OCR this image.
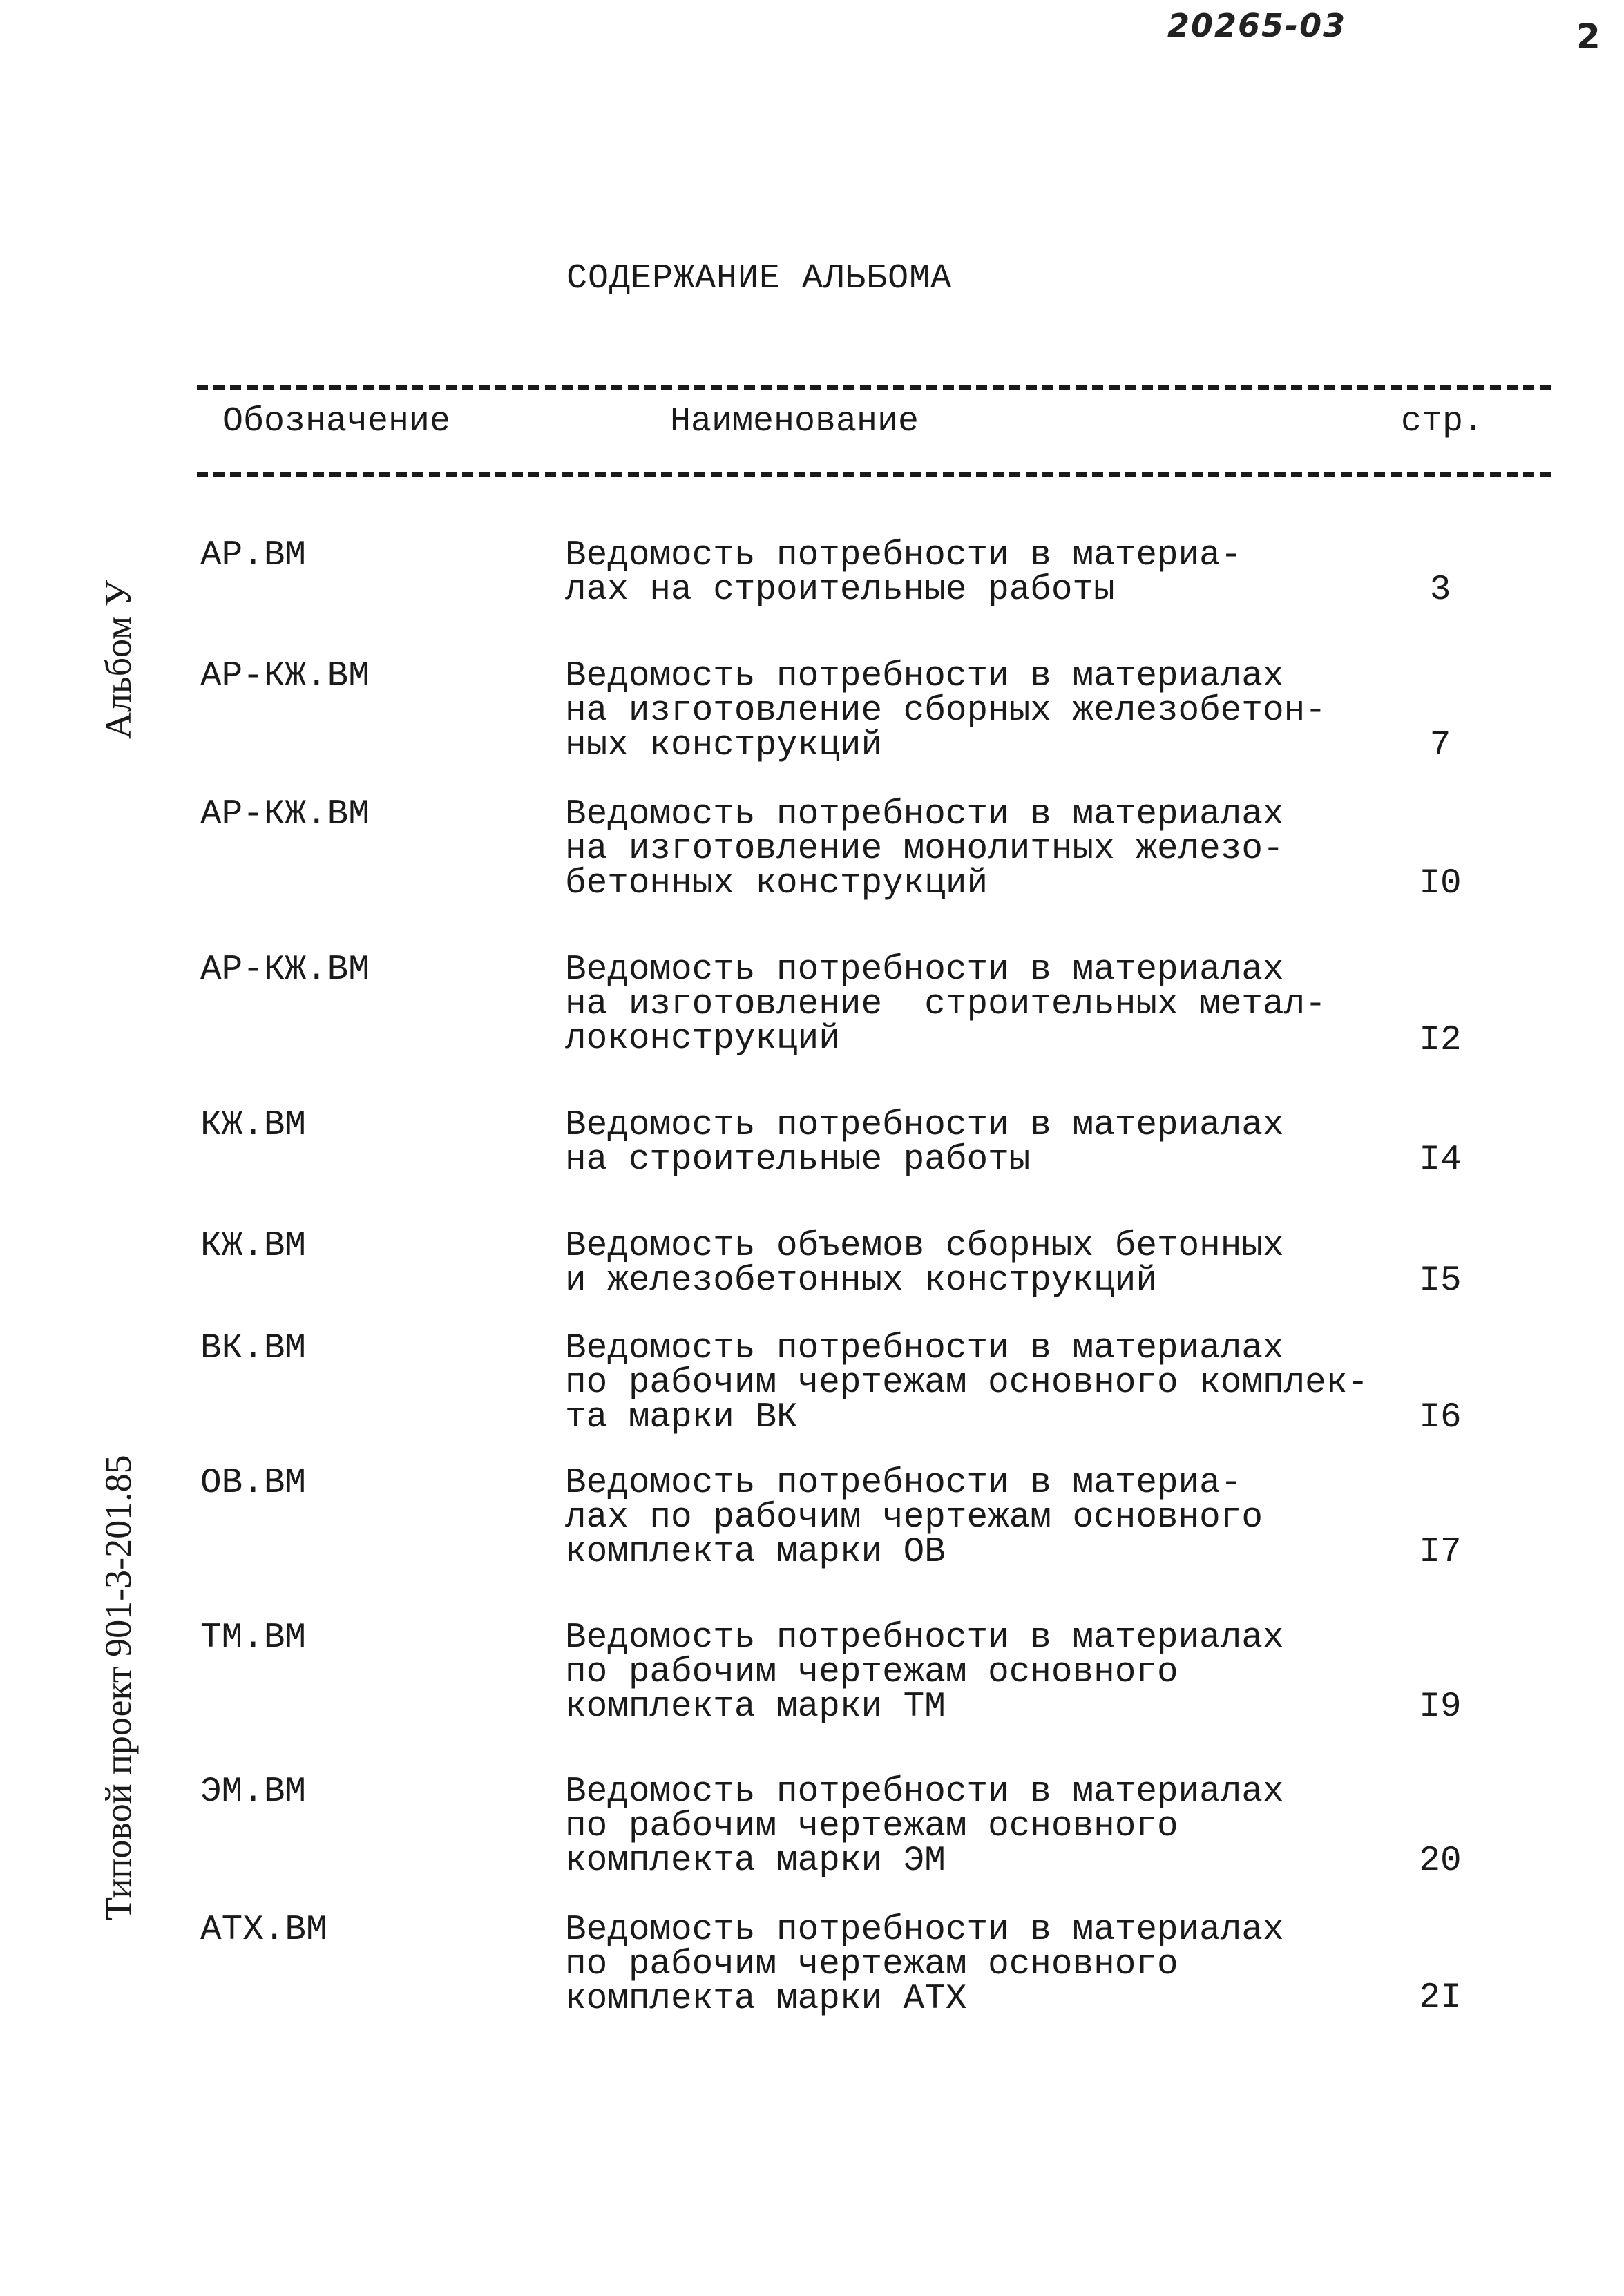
20265-03	2
СОДЕРЖАНИЕ АЛЬБОМА
Обозначение	Наименование	стр.
АР.ВМ	Ведомость потребности в материа-
лах на строительные работы	3
АР-КЖ.ВМ	Ведомость потребности в материалах
на изготовление сборных железобетон-
ных конструкций	7
АР-КЖ.ВМ	Ведомость потребности в материалах
на изготовление монолитных железо-
бетонных конструкций	I0
АР-КЖ.ВМ	Ведомость потребности в материалах
на изготовление  строительных метал-
локонструкций	I2
КЖ.ВМ	Ведомость потребности в материалах
на строительные работы	I4
КЖ.ВМ	Ведомость объемов сборных бетонных
и железобетонных конструкций	I5
ВК.ВМ	Ведомость потребности в материалах
по рабочим чертежам основного комплек-
та марки ВК	I6
ОВ.ВМ	Ведомость потребности в материа-
лах по рабочим чертежам основного
комплекта марки ОВ	I7
ТМ.ВМ	Ведомость потребности в материалах
по рабочим чертежам основного
комплекта марки ТМ	I9
ЭМ.ВМ	Ведомость потребности в материалах
по рабочим чертежам основного
комплекта марки ЭМ	20
АТХ.ВМ	Ведомость потребности в материалах
по рабочим чертежам основного
комплекта марки АТХ	2I
Альбом У
Типовой проект 901-3-201.85
